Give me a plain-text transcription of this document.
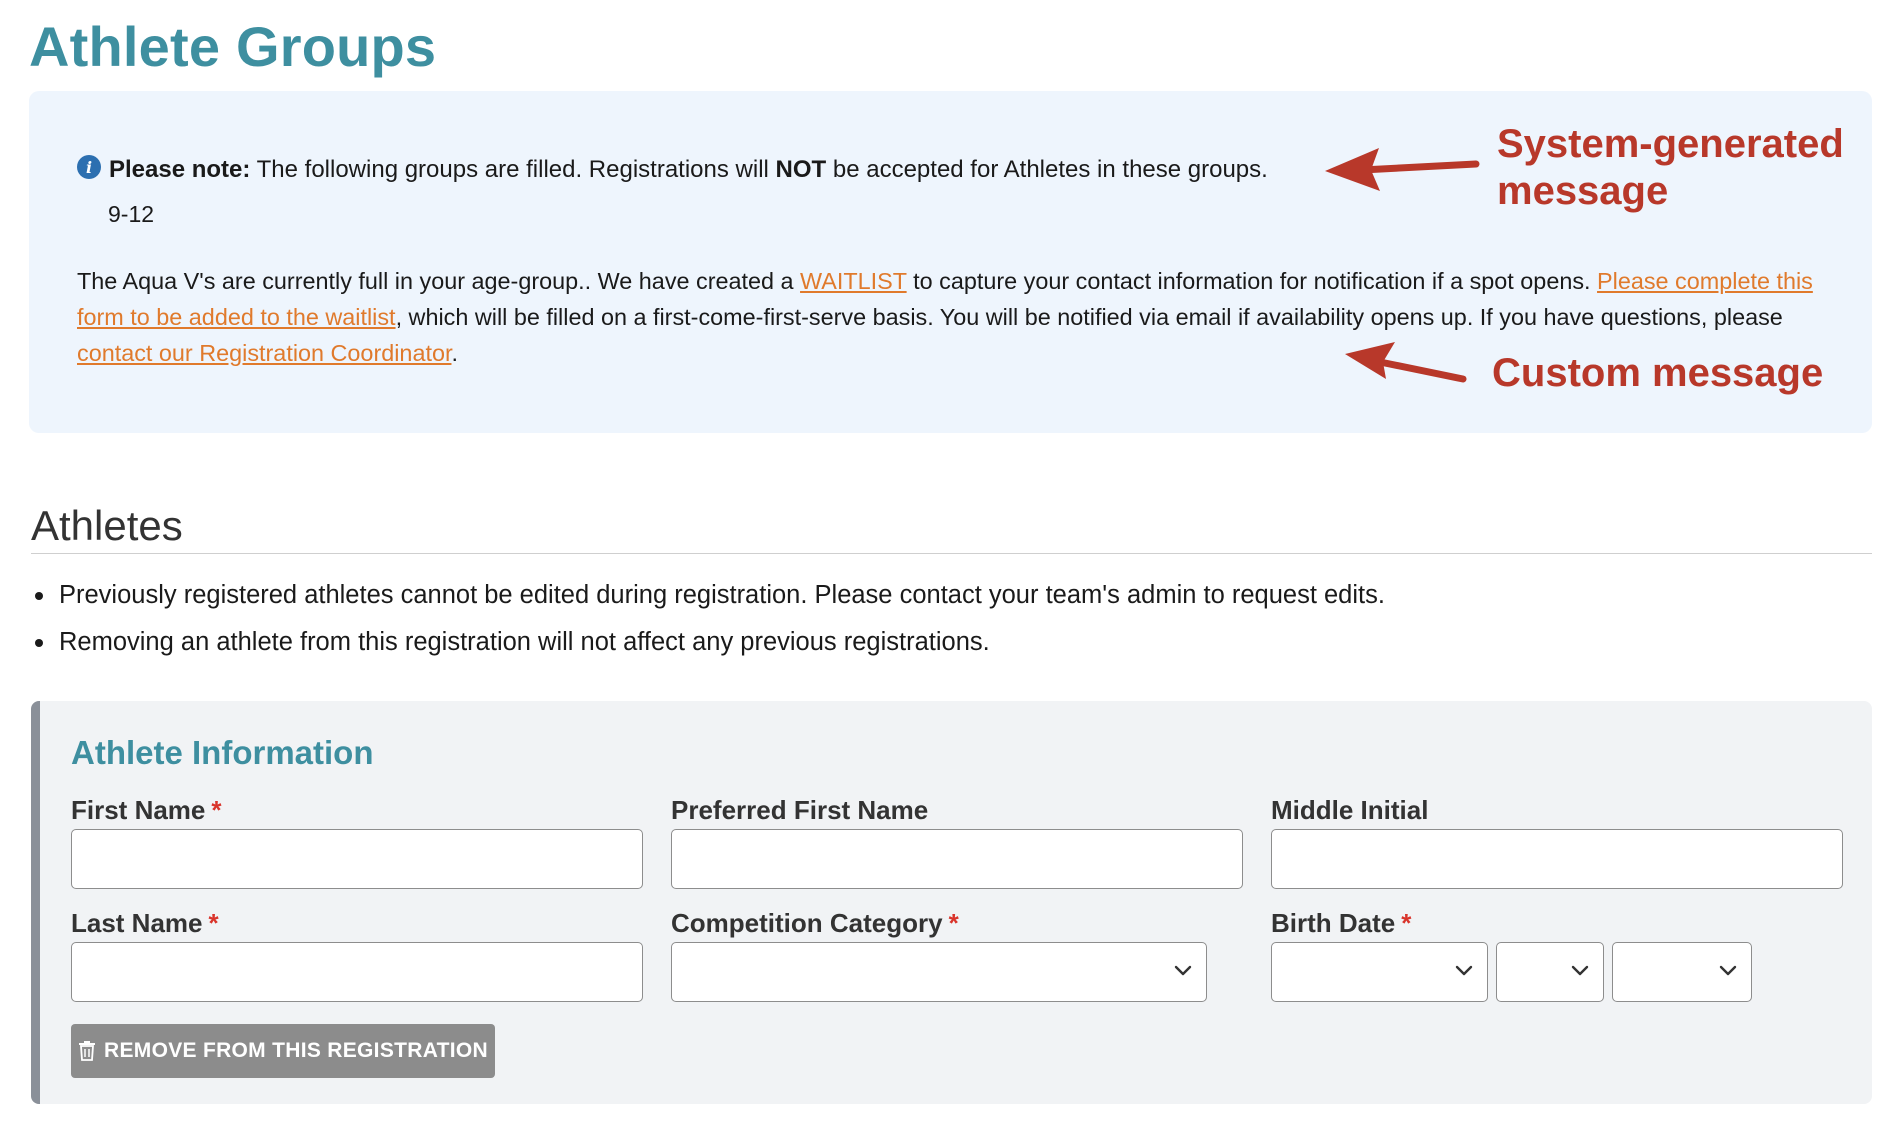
Athlete Groups
i Please note: The following groups are filled. Registrations will NOT be accepted for Athletes in these groups.
9-12
The Aqua V's are currently full in your age-group.. We have created a WAITLIST to capture your contact information for notification if a spot opens. Please complete this form to be added to the waitlist, which will be filled on a first-come-first-serve basis. You will be notified via email if availability opens up. If you have questions, please contact our Registration Coordinator.
System-generated
message
Custom message
Athletes
Previously registered athletes cannot be edited during registration. Please contact your team's admin to request edits.
Removing an athlete from this registration will not affect any previous registrations.
Athlete Information
First Name *	Preferred First Name	Middle Initial
Last Name *	Competition Category *	Birth Date *
REMOVE FROM THIS REGISTRATION
